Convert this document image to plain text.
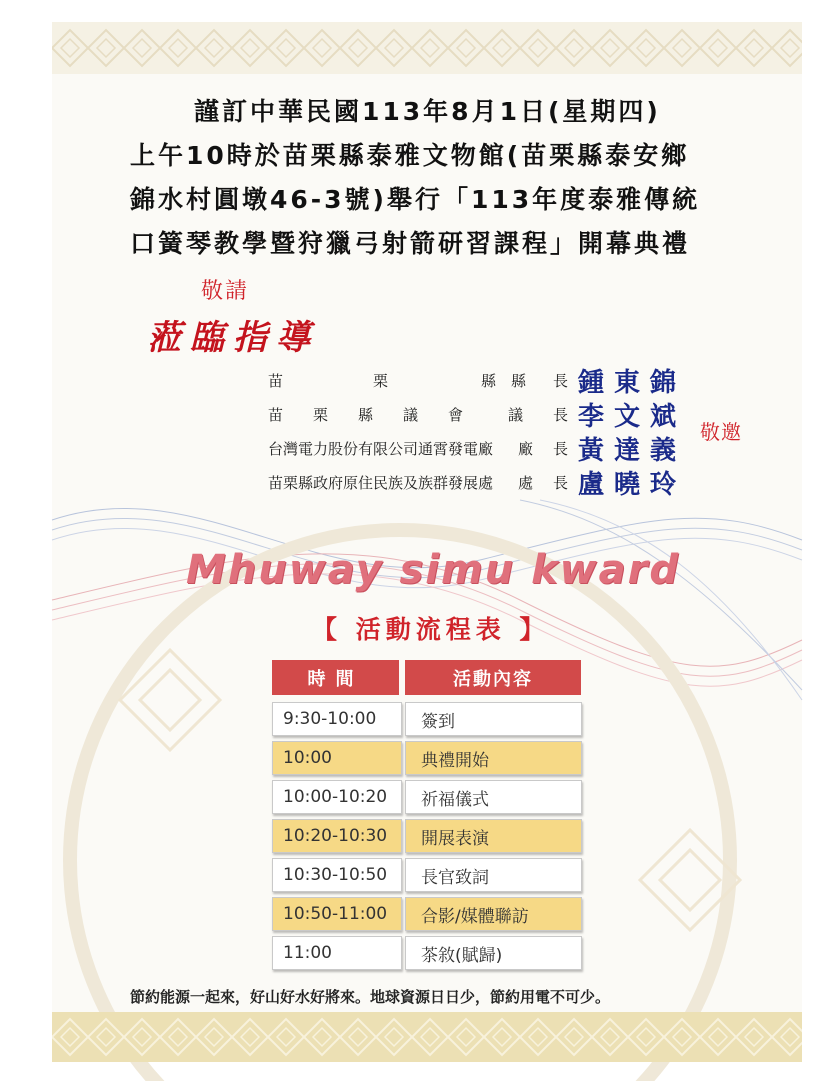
謹訂中華民國113年8月1日(星期四)

上午10時於苗栗縣泰雅文物館(苗栗縣泰安鄉

錦水村圓墩46-3號)舉行「113年度泰雅傳統

口簧琴教學暨狩獵弓射箭研習課程」開幕典禮

敬請
蒞臨指導
苗　　　　　　栗	縣　縣 長 鍾東錦
苗　　栗　　縣　　議　　會	議 長 李文斌
台灣電力股份有限公司通霄發電廠 廠 長 黃達義
苗栗縣政府原住民族及族群發展處 處 長 盧曉玲
敬邀
Mhuway simu kward
【 活動流程表 】
時間	活動內容
9:30-10:00	簽到
10:00	典禮開始
10:00-10:20	祈福儀式
10:20-10:30	開展表演
10:30-10:50	長官致詞
10:50-11:00	合影/媒體聯訪
11:00	茶敘(賦歸)
節約能源一起來，好山好水好將來。地球資源日日少，節約用電不可少。
